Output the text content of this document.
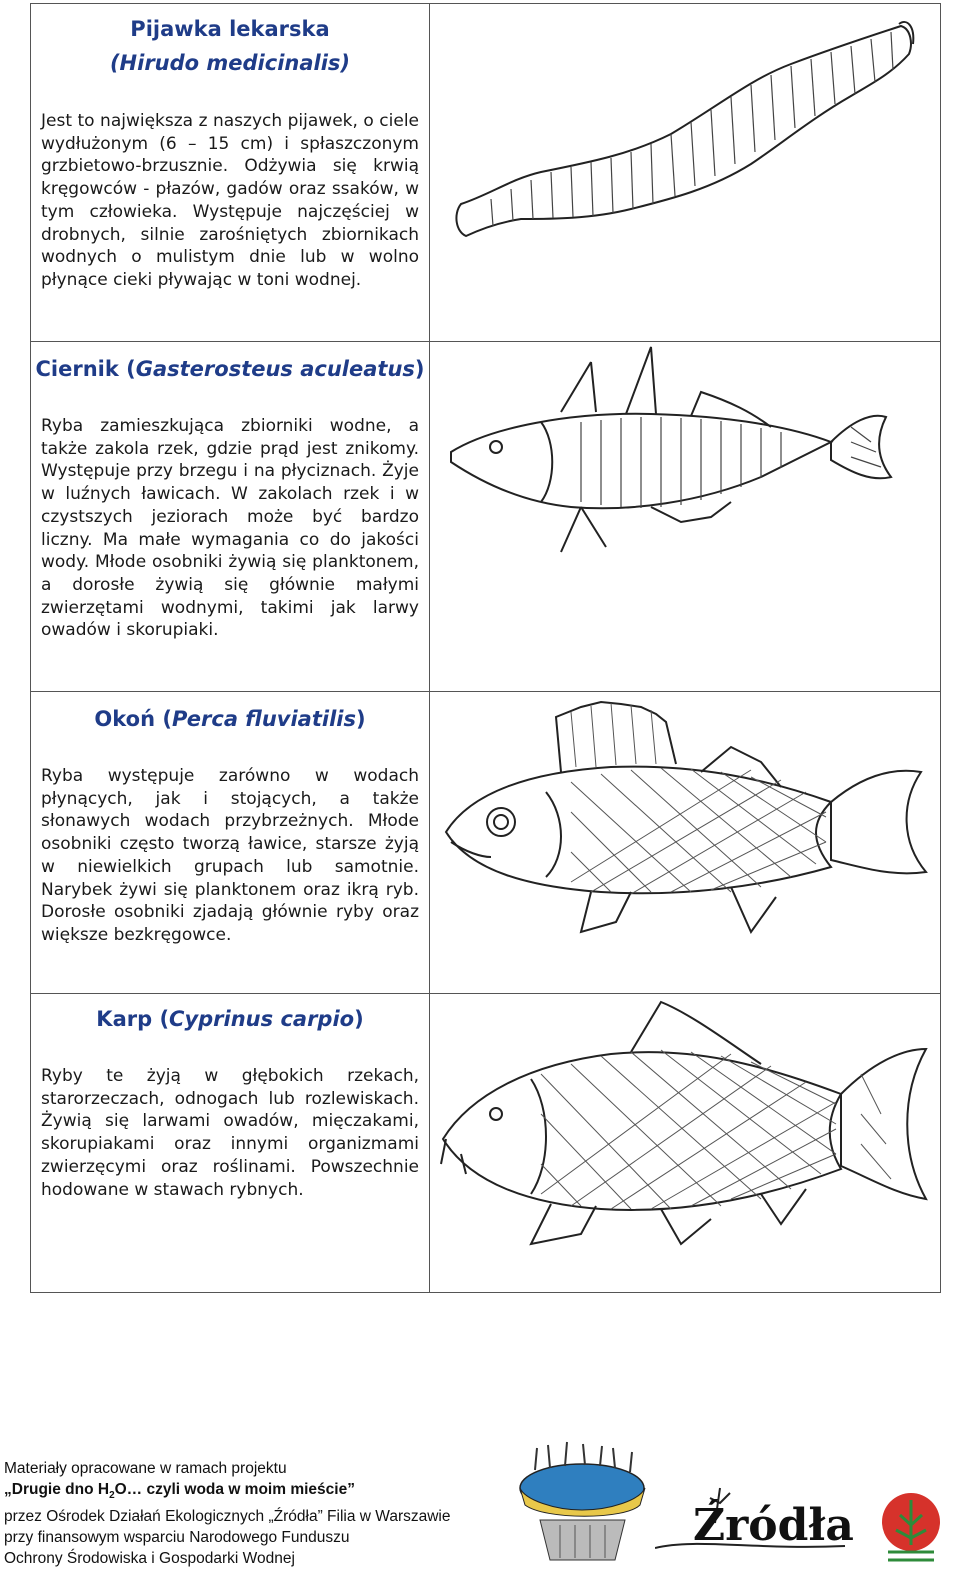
Pijawka lekarska
(Hirudo medicinalis)
Jest to największa z naszych pijawek, o ciele wydłużonym (6 – 15 cm) i spłaszczonym grzbietowo-brzusznie. Odżywia się krwią kręgowców - płazów, gadów oraz ssaków, w tym człowieka. Występuje najczęściej w drobnych, silnie zarośniętych zbiornikach wodnych o mulistym dnie lub w wolno płynące cieki pływając w toni wodnej.
Ciernik (Gasterosteus aculeatus)
Ryba zamieszkująca zbiorniki wodne, a także zakola rzek, gdzie prąd jest znikomy. Występuje przy brzegu i na płyciznach. Żyje w luźnych ławicach. W zakolach rzek i w czystszych jeziorach może być bardzo liczny. Ma małe wymagania co do jakości wody. Młode osobniki żywią się planktonem, a dorosłe żywią się głównie małymi zwierzętami wodnymi, takimi jak larwy owadów i skorupiaki.
Okoń (Perca fluviatilis)
Ryba występuje zarówno w wodach płynących, jak i stojących, a także słonawych wodach przybrzeżnych. Młode osobniki często tworzą ławice, starsze żyją w niewielkich grupach lub samotnie. Narybek żywi się planktonem oraz ikrą ryb. Dorosłe osobniki zjadają głównie ryby oraz większe bezkręgowce.
Karp (Cyprinus carpio)
Ryby te żyją w głębokich rzekach, starorzeczach, odnogach lub rozlewiskach. Żywią się larwami owadów, mięczakami, skorupiakami oraz innymi organizmami zwierzęcymi oraz roślinami. Powszechnie hodowane w stawach rybnych.
Materiały opracowane w ramach projektu
„Drugie dno $H_2O\dots$ czyli woda w moim mieście”
przez Ośrodek Działań Ekologicznych „Źródła” Filia w Warszawie
przy finansowym wsparciu Narodowego Funduszu
Ochrony Środowiska i Gospodarki Wodnej
Źródła
